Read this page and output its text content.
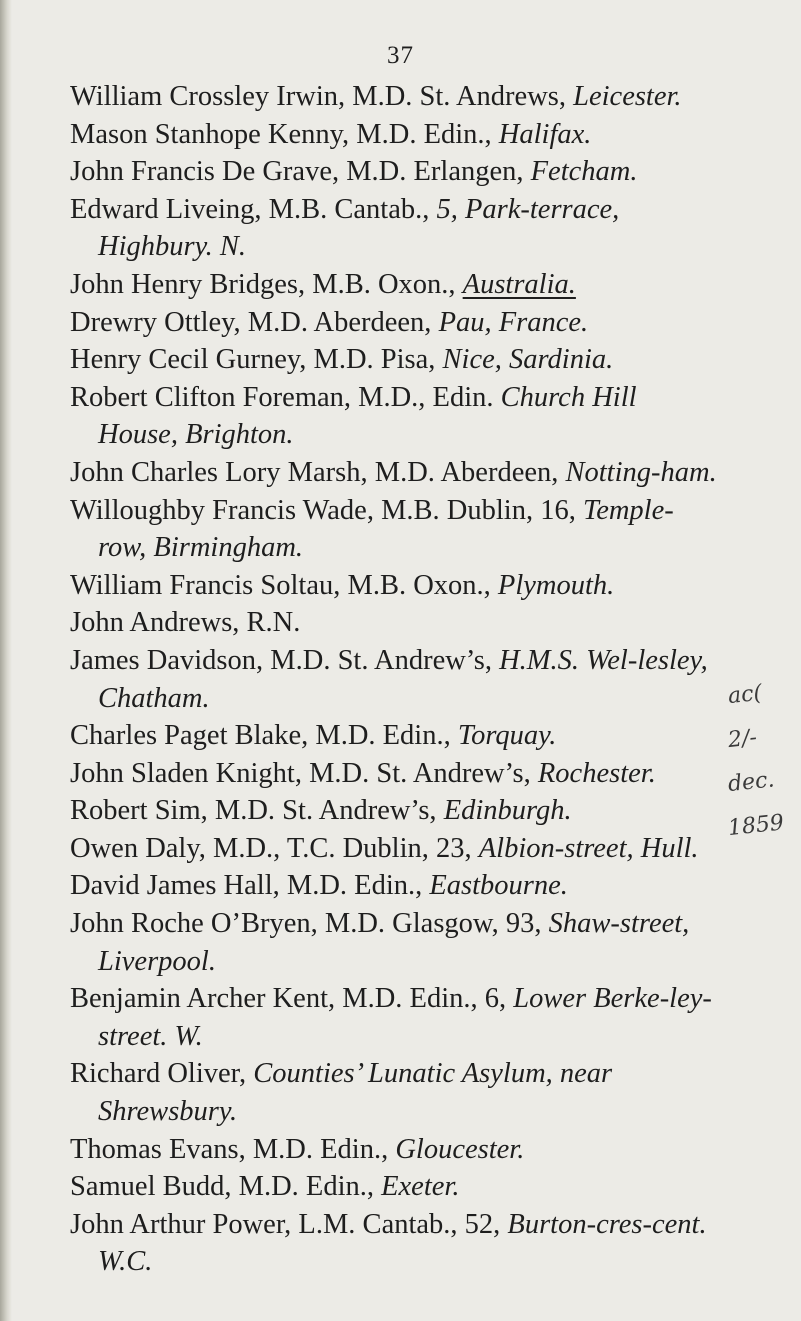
37
William Crossley Irwin, M.D. St. Andrews, Leicester.
Mason Stanhope Kenny, M.D. Edin., Halifax.
John Francis De Grave, M.D. Erlangen, Fetcham.
Edward Liveing, M.B. Cantab., 5, Park-terrace, Highbury. N.
John Henry Bridges, M.B. Oxon., Australia.
Drewry Ottley, M.D. Aberdeen, Pau, France.
Henry Cecil Gurney, M.D. Pisa, Nice, Sardinia.
Robert Clifton Foreman, M.D., Edin. Church Hill House, Brighton.
John Charles Lory Marsh, M.D. Aberdeen, Notting-ham.
Willoughby Francis Wade, M.B. Dublin, 16, Temple-row, Birmingham.
William Francis Soltau, M.B. Oxon., Plymouth.
John Andrews, R.N.
James Davidson, M.D. St. Andrew’s, H.M.S. Wel-lesley, Chatham.
Charles Paget Blake, M.D. Edin., Torquay.
John Sladen Knight, M.D. St. Andrew’s, Rochester.
Robert Sim, M.D. St. Andrew’s, Edinburgh.
Owen Daly, M.D., T.C. Dublin, 23, Albion-street, Hull.
David James Hall, M.D. Edin., Eastbourne.
John Roche O’Bryen, M.D. Glasgow, 93, Shaw-street, Liverpool.
Benjamin Archer Kent, M.D. Edin., 6, Lower Berke-ley-street. W.
Richard Oliver, Counties’ Lunatic Asylum, near Shrewsbury.
Thomas Evans, M.D. Edin., Gloucester.
Samuel Budd, M.D. Edin., Exeter.
John Arthur Power, L.M. Cantab., 52, Burton-cres-cent. W.C.
ac(
2/-
dec.
1859
